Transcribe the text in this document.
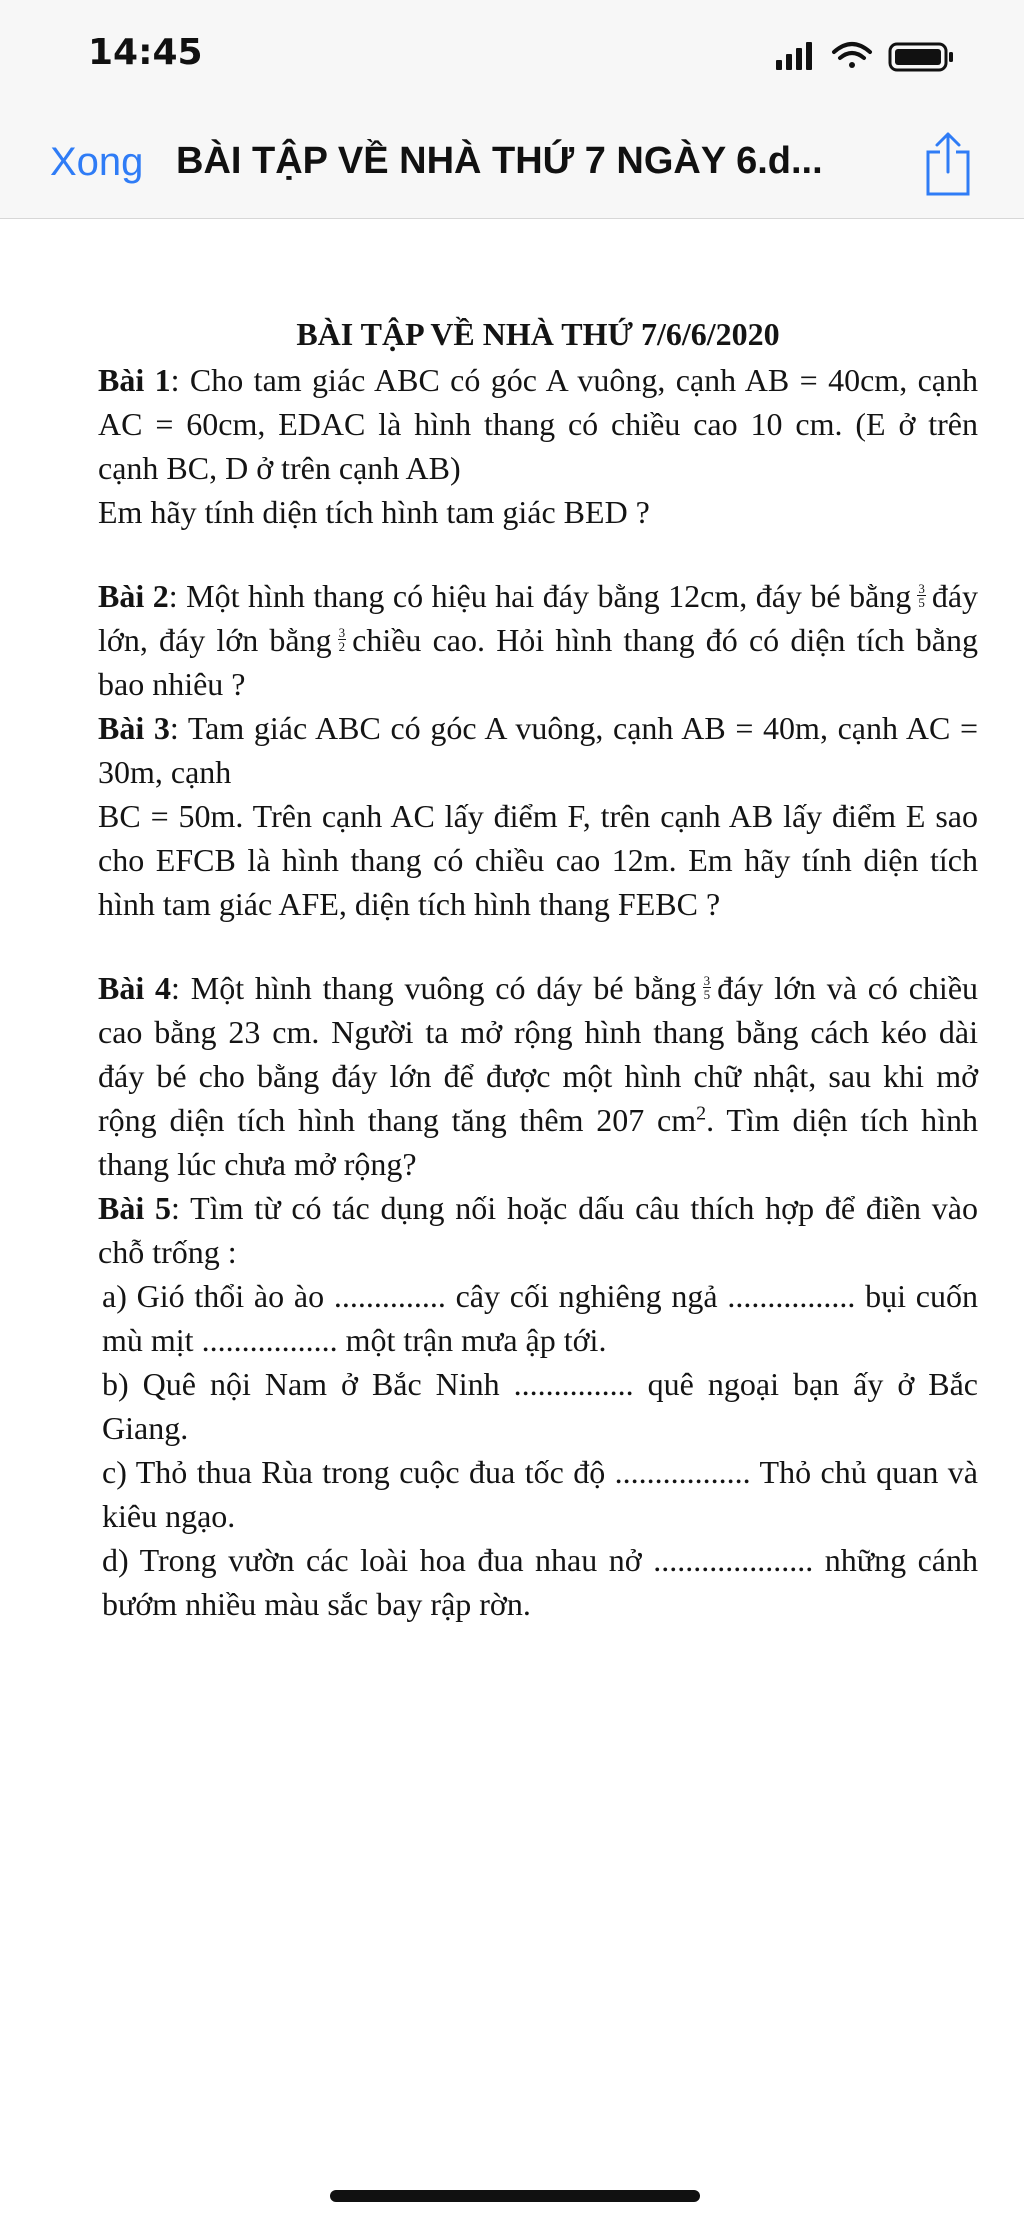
14:45
Xong BÀI TẬP VỀ NHÀ THỨ 7 NGÀY 6.d...

BÀI TẬP VỀ NHÀ THỨ 7/6/6/2020

Bài 1: Cho tam giác ABC có góc A vuông, cạnh AB = 40cm, cạnh AC = 60cm, EDAC là hình thang có chiều cao 10 cm. (E ở trên cạnh BC, D ở trên cạnh AB)

Em hãy tính diện tích hình tam giác BED ?

Bài 2: Một hình thang có hiệu hai đáy bằng 12cm, đáy bé bằng $\frac{3}{5}$ đáy lớn, đáy lớn bằng $\frac{3}{2}$ chiều cao. Hỏi hình thang đó có diện tích bằng bao nhiêu ?

Bài 3: Tam giác ABC có góc A vuông, cạnh AB = 40m, cạnh AC = 30m, cạnh

BC = 50m. Trên cạnh AC lấy điểm F, trên cạnh AB lấy điểm E sao cho EFCB là hình thang có chiều cao 12m. Em hãy tính diện tích hình tam giác AFE, diện tích hình thang FEBC ?

Bài 4: Một hình thang vuông có dáy bé bằng $\frac{3}{5}$ đáy lớn và có chiều cao bằng 23 cm. Người ta mở rộng hình thang bằng cách kéo dài đáy bé cho bằng đáy lớn để được một hình chữ nhật, sau khi mở rộng diện tích hình thang tăng thêm 207 $cm^2$. Tìm diện tích hình thang lúc chưa mở rộng?

Bài 5: Tìm từ có tác dụng nối hoặc dấu câu thích hợp để điền vào chỗ trống :

a) Gió thổi ào ào .............. cây cối nghiêng ngả ................ bụi cuốn mù mịt ................. một trận mưa ập tới.

b) Quê nội Nam ở Bắc Ninh ............... quê ngoại bạn ấy ở Bắc Giang.

c) Thỏ thua Rùa trong cuộc đua tốc độ ................. Thỏ chủ quan và kiêu ngạo.

d) Trong vườn các loài hoa đua nhau nở .................... những cánh bướm nhiều màu sắc bay rập rờn.
